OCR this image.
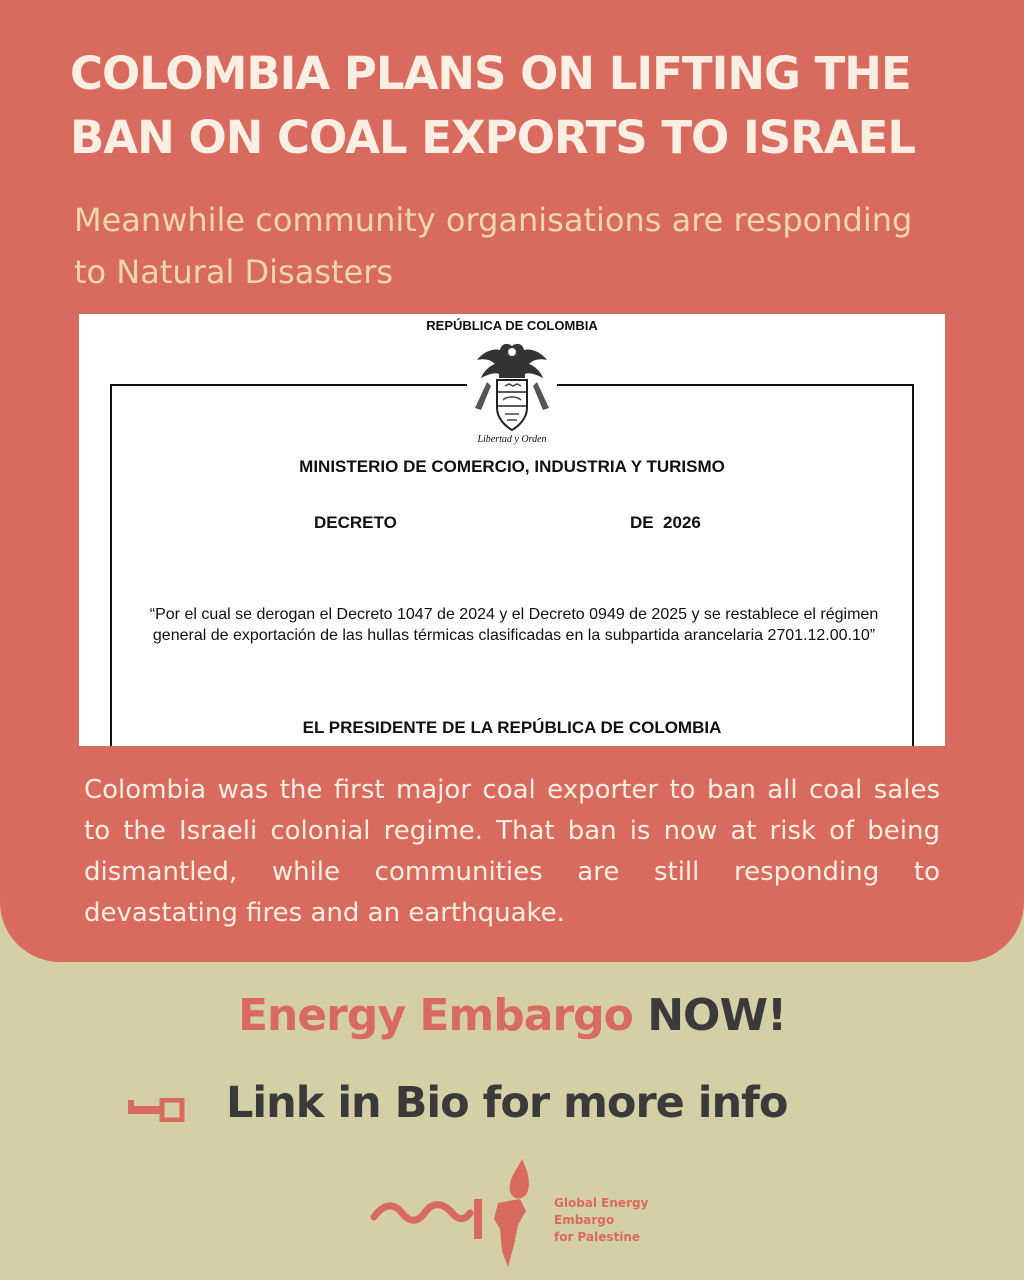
COLOMBIA PLANS ON LIFTING THE BAN ON COAL EXPORTS TO ISRAEL

Meanwhile community organisations are responding to Natural Disasters

REPÚBLICA DE COLOMBIA
Libertad y Orden
MINISTERIO DE COMERCIO, INDUSTRIA Y TURISMO
DECRETO	DE  2026
“Por el cual se derogan el Decreto 1047 de 2024 y el Decreto 0949 de 2025 y se restablece el régimen general de exportación de las hullas térmicas clasificadas en la subpartida arancelaria 2701.12.00.10”
EL PRESIDENTE DE LA REPÚBLICA DE COLOMBIA

Colombia was the first major coal exporter to ban all coal sales to the Israeli colonial regime. That ban is now at risk of being dismantled, while communities are still responding to devastating fires and an earthquake.

Energy Embargo NOW!
Link in Bio for more info
Global Energy
Embargo
for Palestine
